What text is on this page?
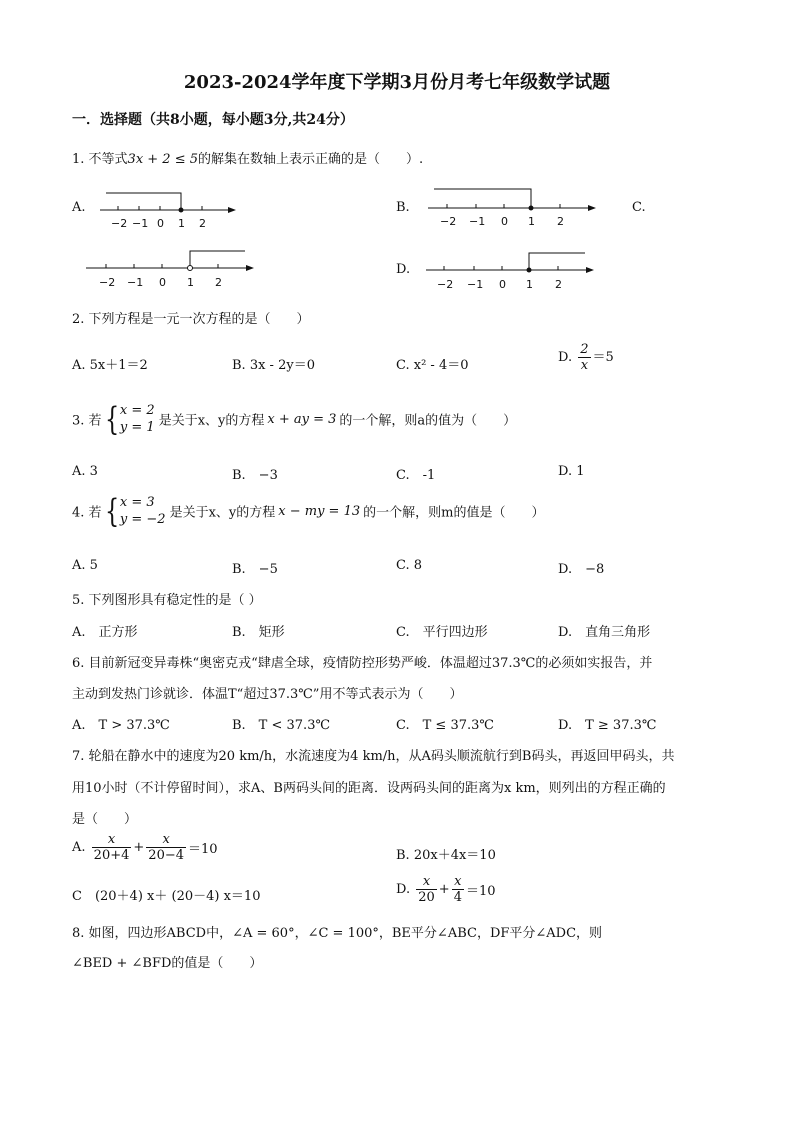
2023-2024学年度下学期3月份月考七年级数学试题
一．选择题（共8小题，每小题3分,共24分）
1. 不等式3x + 2 ≤ 5的解集在数轴上表示正确的是（　　）.
A.	B.	C.
D.
−2 −1 0 1 2	−2 −1 0 1 2
−2 −1 0 1 2	−2 −1 0 1 2
2. 下列方程是一元一次方程的是（　　）
A. 5x＋1＝2	B. 3x - 2y＝0	C. x² - 4＝0
D. $\frac{2}{x} =5$
3. 若{ x = 2
y = 1 是关于x、y的方程 x + ay = 3 的一个解，则a的值为（　　）
A. 3	B.　−3	C.　-1	D. 1
4. 若{ x = 3
y = −2 是关于x、y的方程 x − my = 13 的一个解，则m的值是（　　）
A. 5	B.　−5	C. 8	D.　−8
5. 下列图形具有稳定性的是（ ）
A.　正方形	B.　矩形	C.　平行四边形	D.　直角三角形
6. 目前新冠变异毒株“奥密克戎“肆虐全球，疫情防控形势严峻．体温超过37.3℃的必须如实报告，并
主动到发热门诊就诊．体温T“超过37.3℃”用不等式表示为（　　）
A.　T > 37.3℃	B.　T < 37.3℃	C.　T ≤ 37.3℃	D.　T ≥ 37.3℃
7. 轮船在静水中的速度为20 km/h，水流速度为4 km/h，从A码头顺流航行到B码头，再返回甲码头，共
用10小时（不计停留时间），求A、B两码头间的距离．设两码头间的距离为x km，则列出的方程正确的
是（　　）
A. $\frac{x}{20+4} + \frac{x}{20-4} =10$	B. 20x＋4x＝10
C　(20＋4) x＋ (20－4) x＝10	D. $\frac{x}{20} + \frac{x}{4} =10$
8. 如图，四边形ABCD中，∠A = 60°，∠C = 100°，BE平分∠ABC，DF平分∠ADC，则
∠BED + ∠BFD的值是（　　）
